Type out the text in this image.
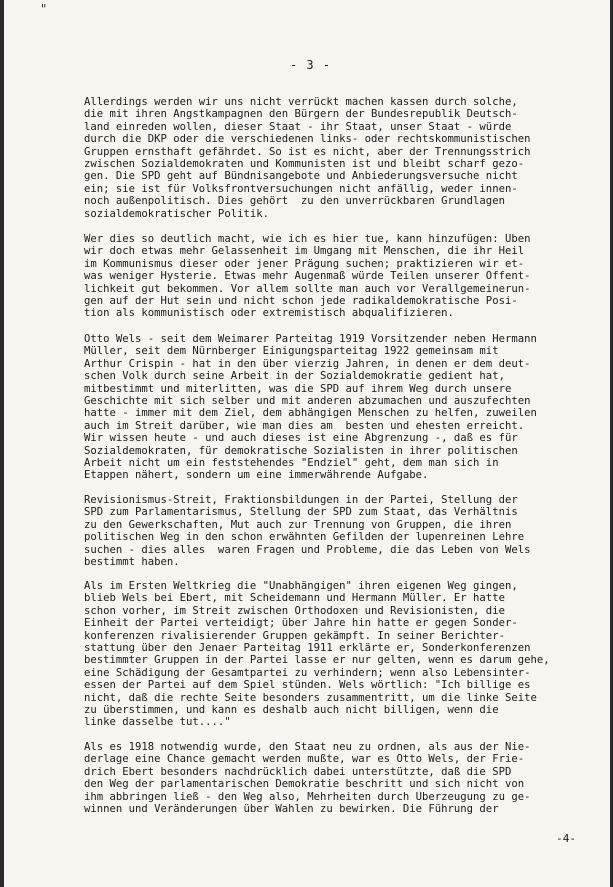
"
- 3 -

Allerdings werden wir uns nicht verrückt machen kassen durch solche,
die mit ihren Angstkampagnen den Bürgern der Bundesrepublik Deutsch-
land einreden wollen, dieser Staat - ihr Staat, unser Staat - würde
durch die DKP oder die verschiedenen links- oder rechtskommunistischen
Gruppen ernsthaft gefährdet. So ist es nicht, aber der Trennungsstrich
zwischen Sozialdemokraten und Kommunisten ist und bleibt scharf gezo-
gen. Die SPD geht auf Bündnisangebote und Anbiederungsversuche nicht
ein; sie ist für Volksfrontversuchungen nicht anfällig, weder innen-
noch außenpolitisch. Dies gehört  zu den unverrückbaren Grundlagen
sozialdemokratischer Politik.

Wer dies so deutlich macht, wie ich es hier tue, kann hinzufügen: Üben
wir doch etwas mehr Gelassenheit im Umgang mit Menschen, die ihr Heil
im Kommunismus dieser oder jener Prägung suchen; praktizieren wir et-
was weniger Hysterie. Etwas mehr Augenmaß würde Teilen unserer Öffent-
lichkeit gut bekommen. Vor allem sollte man auch vor Verallgemeinerun-
gen auf der Hut sein und nicht schon jede radikaldemokratische Posi-
tion als kommunistisch oder extremistisch abqualifizieren.

Otto Wels - seit dem Weimarer Parteitag 1919 Vorsitzender neben Hermann
Müller, seit dem Nürnberger Einigungsparteitag 1922 gemeinsam mit
Arthur Crispin - hat in den über vierzig Jahren, in denen er dem deut-
schen Volk durch seine Arbeit in der Sozialdemokratie gedient hat,
mitbestimmt und miterlitten, was die SPD auf ihrem Weg durch unsere
Geschichte mit sich selber und mit anderen abzumachen und auszufechten
hatte - immer mit dem Ziel, dem abhängigen Menschen zu helfen, zuweilen
auch im Streit darüber, wie man dies am  besten und ehesten erreicht.
Wir wissen heute - und auch dieses ist eine Abgrenzung -, daß es für
Sozialdemokraten, für demokratische Sozialisten in ihrer politischen
Arbeit nicht um ein feststehendes "Endziel" geht, dem man sich in
Etappen nähert, sondern um eine immerwährende Aufgabe.

Revisionismus-Streit, Fraktionsbildungen in der Partei, Stellung der
SPD zum Parlamentarismus, Stellung der SPD zum Staat, das Verhältnis
zu den Gewerkschaften, Mut auch zur Trennung von Gruppen, die ihren
politischen Weg in den schon erwähnten Gefilden der lupenreinen Lehre
suchen - dies alles  waren Fragen und Probleme, die das Leben von Wels
bestimmt haben.

Als im Ersten Weltkrieg die "Unabhängigen" ihren eigenen Weg gingen,
blieb Wels bei Ebert, mit Scheidemann und Hermann Müller. Er hatte
schon vorher, im Streit zwischen Orthodoxen und Revisionisten, die
Einheit der Partei verteidigt; über Jahre hin hatte er gegen Sonder-
konferenzen rivalisierender Gruppen gekämpft. In seiner Berichter-
stattung über den Jenaer Parteitag 1911 erklärte er, Sonderkonferenzen
bestimmter Gruppen in der Partei lasse er nur gelten, wenn es darum gehe,
eine Schädigung der Gesamtpartei zu verhindern; wenn also Lebensinter-
essen der Partei auf dem Spiel stünden. Wels wörtlich: "Ich billige es
nicht, daß die rechte Seite besonders zusammentritt, um die linke Seite
zu überstimmen, und kann es deshalb auch nicht billigen, wenn die
linke dasselbe tut...."

Als es 1918 notwendig wurde, den Staat neu zu ordnen, als aus der Nie-
derlage eine Chance gemacht werden mußte, war es Otto Wels, der Frie-
drich Ebert besonders nachdrücklich dabei unterstützte, daß die SPD
den Weg der parlamentarischen Demokratie beschritt und sich nicht von
ihm abbringen ließ - den Weg also, Mehrheiten durch Überzeugung zu ge-
winnen und Veränderungen über Wahlen zu bewirken. Die Führung der

-4-
